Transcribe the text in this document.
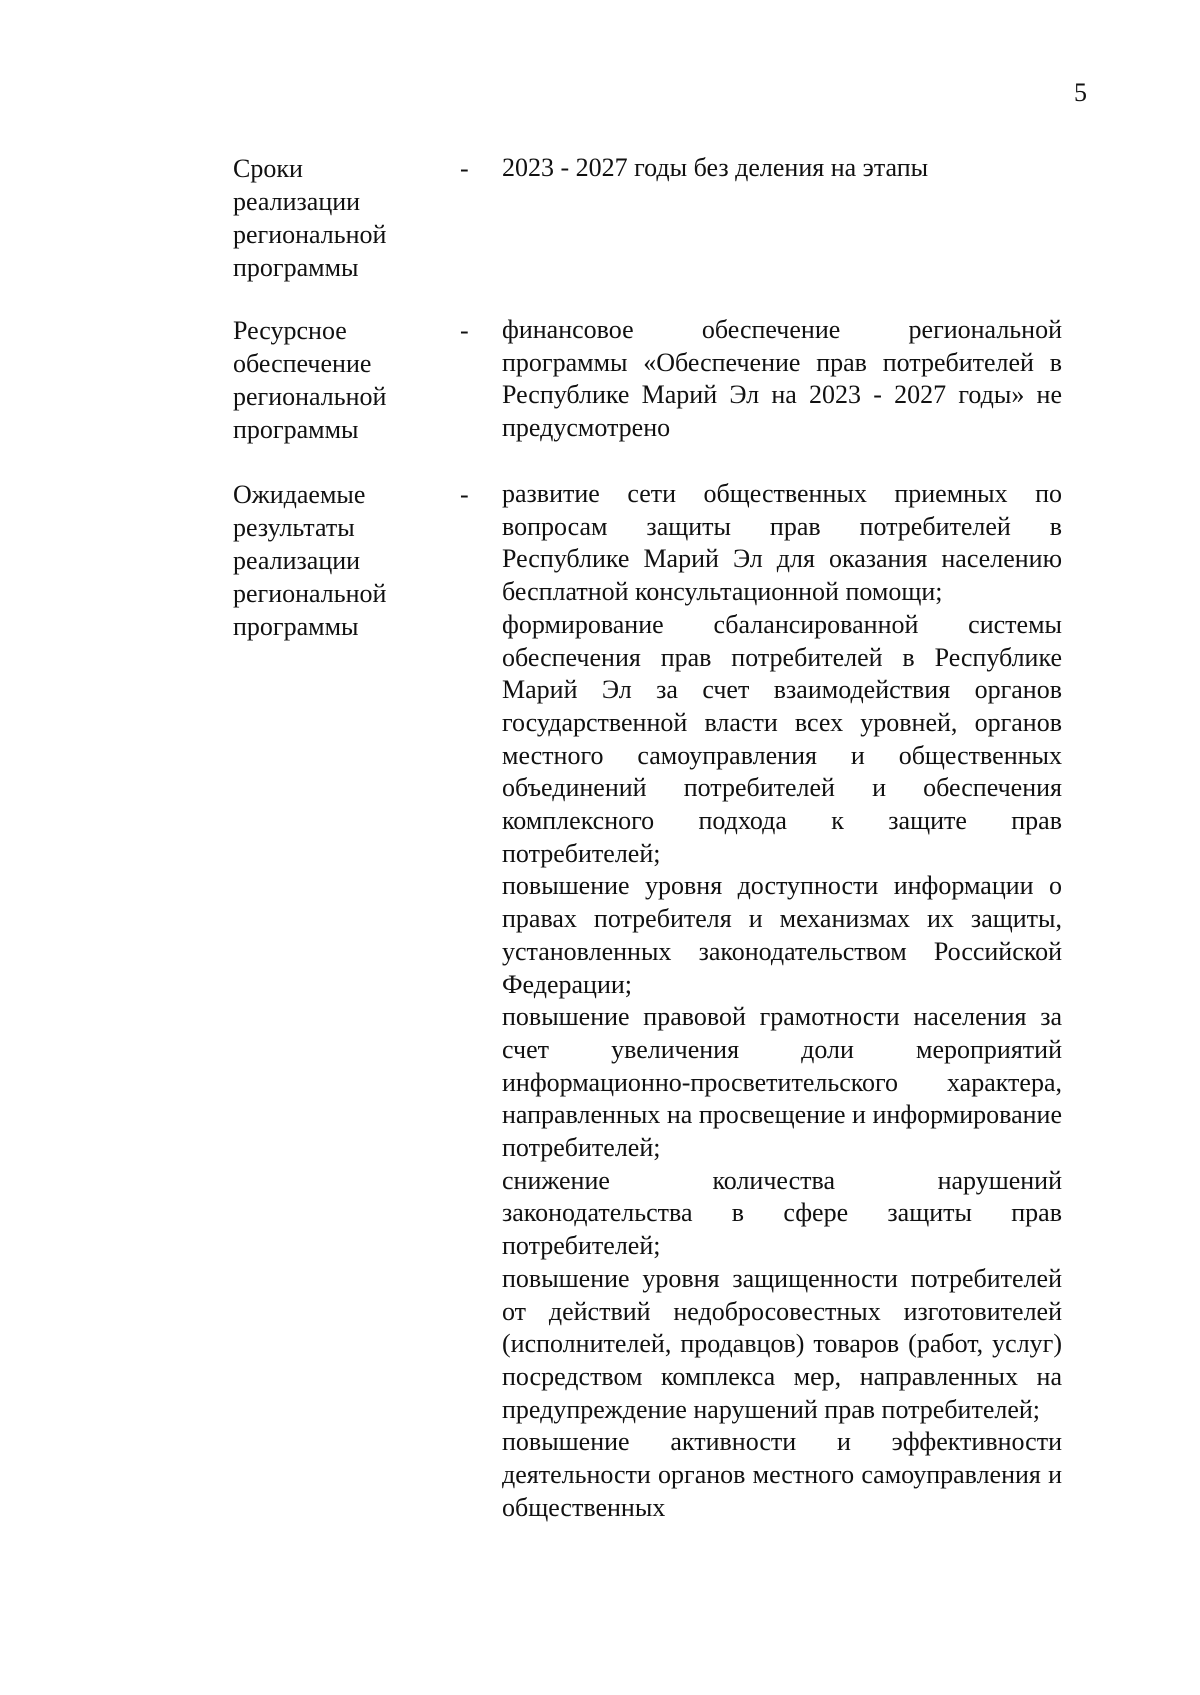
5
Сроки
реализации
региональной
программы
- 2023 - 2027 годы без деления на этапы

Ресурсное
обеспечение
региональной
программы
- финансовое обеспечение региональной программы «Обеспечение прав потребителей в Республике Марий Эл на 2023 - 2027 годы» не предусмотрено

Ожидаемые
результаты
реализации
региональной
программы
- развитие сети общественных приемных по вопросам защиты прав потребителей в Республике Марий Эл для оказания населению бесплатной консультационной помощи;

формирование сбалансированной системы обеспечения прав потребителей в Республике Марий Эл за счет взаимодействия органов государственной власти всех уровней, органов местного самоуправления и общественных объединений потребителей и обеспечения комплексного подхода к защите прав потребителей;

повышение уровня доступности информации о правах потребителя и механизмах их защиты, установленных законодательством Российской Федерации;

повышение правовой грамотности населения за счет увеличения доли мероприятий информационно-просветительского характера, направленных на просвещение и информирование потребителей;

снижение количества нарушений законодательства в сфере защиты прав потребителей;

повышение уровня защищенности потребителей от действий недобросовестных изготовителей (исполнителей, продавцов) товаров (работ, услуг) посредством комплекса мер, направленных на предупреждение нарушений прав потребителей;

повышение активности и эффективности деятельности органов местного самоуправления и общественных
